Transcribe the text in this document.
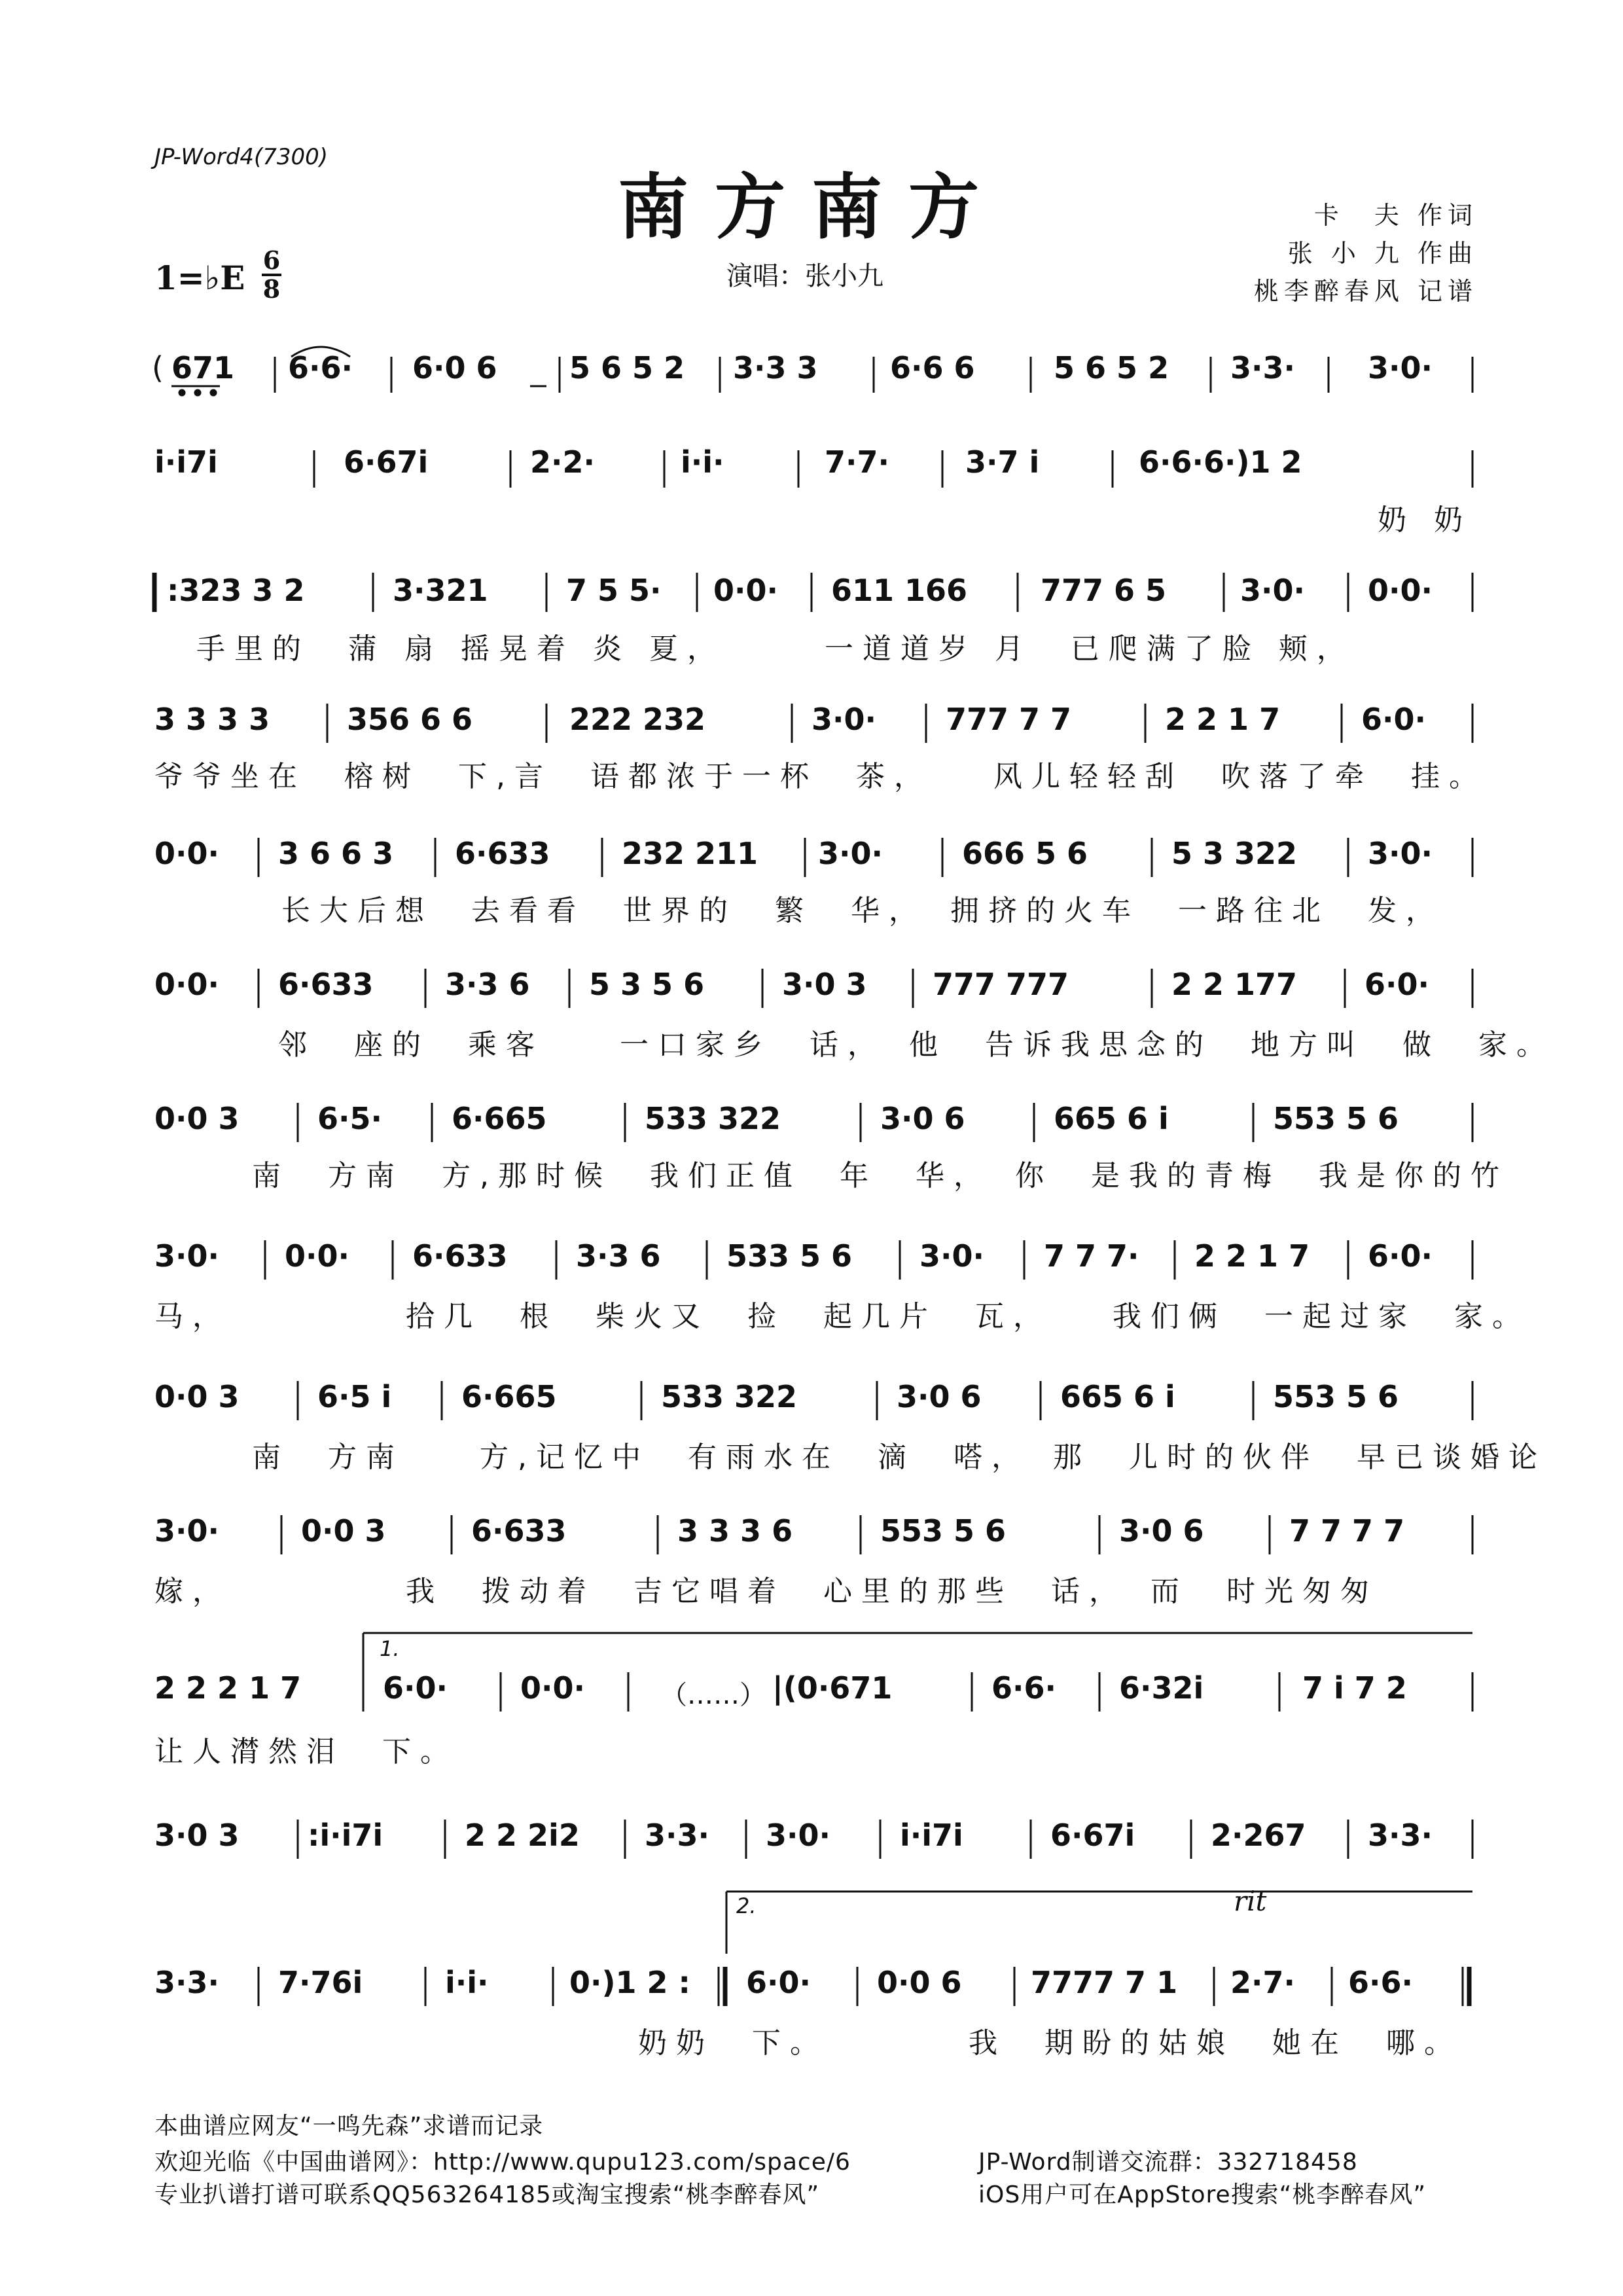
JP-Word4(7300)
南方南方	卡　夫 作词
张 小 九 作曲
桃李醉春风 记谱
1=♭E 6
8	演唱：张小九
( 671 6·6· 6·0 6 5 6 5 2 3·3 3 6·6 6	5 6 5 2 3·3· 3·0·
i·i7i	6·67i	2·2·	i·i·	7·7·	3·7 i	6·6·6·)1 2
:323 3 2	3·321	7 5 5· 0·0· 611 166 777 6 5 3·0· 0·0·
3 3 3 3	356 6 6	222 232	3·0· 777 7 7	2 2 1 7	6·0·
0·0· 3 6 6 3 6·633 232 211 3·0·	666 5 6	5 3 322 3·0·
0·0· 6·633 3·3 6 5 3 5 6	3·0 3 777 777	2 2 177 6·0·
0·0 3	6·5· 6·665	533 322	3·0 6	665 6 i	553 5 6
3·0· 0·0· 6·633 3·3 6 533 5 6 3·0· 7 7 7· 2 2 1 7 6·0·
0·0 3	6·5 i 6·665	533 322	3·0 6	665 6 i	553 5 6
3·0·	0·0 3	6·633	3 3 3 6	553 5 6	3·0 6	7 7 7 7
2 2 2 1 7	6·0· 0·0·	|(0·671	6·6· 6·32i	7 i 7 2
3·0 3 :i·i7i	2 2 2i2 3·3· 3·0· i·i7i	6·67i	2·267 3·3·
3·3· 7·76i	i·i·	0·)1 2 : 6·0· 0·0 6 7777 7 1 2·7· 6·6·
1.
2.
（……）
rit
奶 奶
手里的　蒲 扇 摇晃着 炎 夏，　　　一道道岁 月　已爬满了脸 颊，
爷爷坐在　榕树　下,言　语都浓于一杯　茶，　　风儿轻轻刮　吹落了牵　挂。
长大后想　去看看　世界的　繁　华，　拥挤的火车　一路往北　发，
邻　座的　乘客　　一口家乡　话，　他　告诉我思念的　地方叫　做　家。
南　方南　方,那时候　我们正值　年　华，　你　是我的青梅　我是你的竹
马，　　　　　拾几　根　柴火又　捡　起几片　瓦，　　我们俩　一起过家　家。
南　方南　　方,记忆中　有雨水在　滴　嗒，　那　儿时的伙伴　早已谈婚论
嫁，　　　　　我　拨动着　吉它唱着　心里的那些　话，　而　时光匆匆
让人潸然泪　下。
奶奶　下。	我　期盼的姑娘　她在　哪。
本曲谱应网友“一鸣先森”求谱而记录
欢迎光临《中国曲谱网》：http://www.qupu123.com/space/6
专业扒谱打谱可联系QQ563264185或淘宝搜索“桃李醉春风”
JP-Word制谱交流群：332718458
iOS用户可在AppStore搜索“桃李醉春风”
